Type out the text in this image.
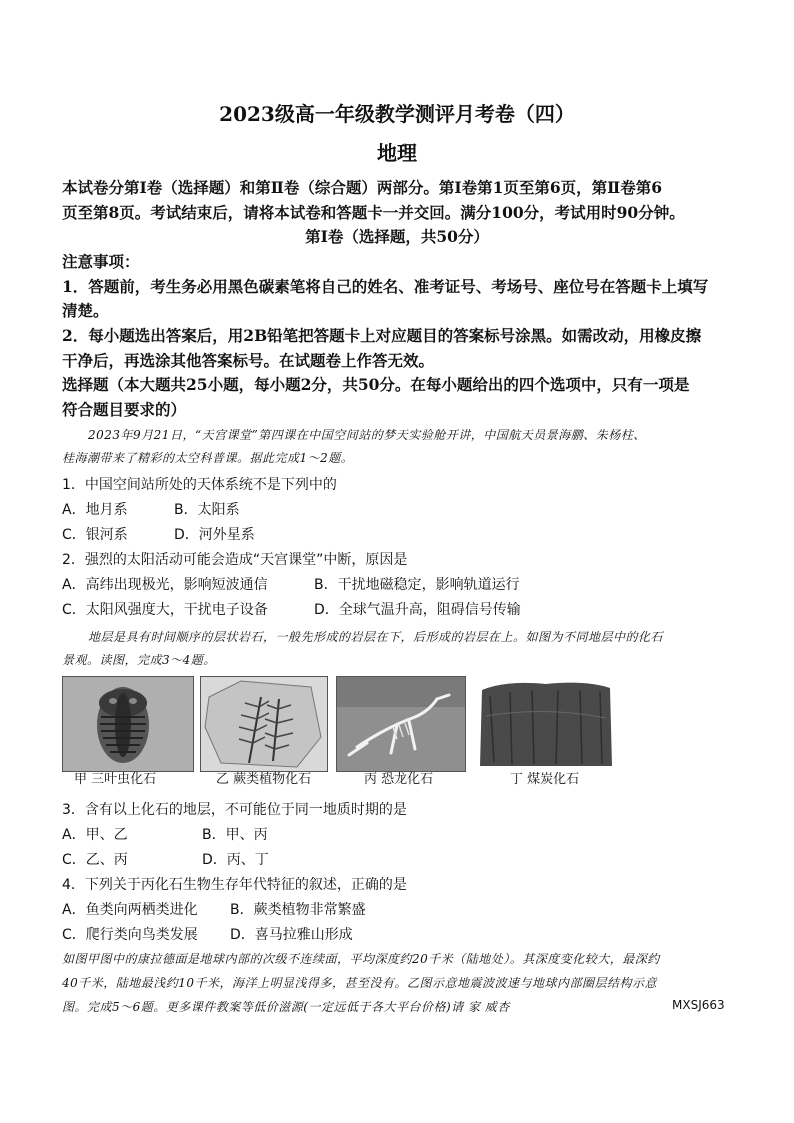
2023级高一年级教学测评月考卷（四）
地理
本试卷分第Ⅰ卷（选择题）和第Ⅱ卷（综合题）两部分。第Ⅰ卷第1页至第6页，第Ⅱ卷第6
页至第8页。考试结束后，请将本试卷和答题卡一并交回。满分100分，考试用时90分钟。
第Ⅰ卷（选择题，共50分）
注意事项：
1．答题前，考生务必用黑色碳素笔将自己的姓名、准考证号、考场号、座位号在答题卡上填写
清楚。
2．每小题选出答案后，用2B铅笔把答题卡上对应题目的答案标号涂黑。如需改动，用橡皮擦
干净后，再选涂其他答案标号。在试题卷上作答无效。
选择题（本大题共25小题，每小题2分，共50分。在每小题给出的四个选项中，只有一项是
符合题目要求的）
2023年9月21日，“天宫课堂”第四课在中国空间站的梦天实验舱开讲，中国航天员景海鹏、朱杨柱、
桂海潮带来了精彩的太空科普课。据此完成1～2题。
1．中国空间站所处的天体系统不是下列中的
A．地月系	B．太阳系
C．银河系	D．河外星系
2．强烈的太阳活动可能会造成“天宫课堂”中断，原因是
A．高纬出现极光，影响短波通信	B．干扰地磁稳定，影响轨道运行
C．太阳风强度大，干扰电子设备	D．全球气温升高，阻碍信号传输
地层是具有时间顺序的层状岩石，一般先形成的岩层在下，后形成的岩层在上。如图为不同地层中的化石
景观。读图，完成3～4题。
甲 三叶虫化石	乙 蕨类植物化石	丙 恐龙化石	丁 煤炭化石
3．含有以上化石的地层，不可能位于同一地质时期的是
A．甲、乙	B．甲、丙
C．乙、丙	D．丙、丁
4．下列关于丙化石生物生存年代特征的叙述，正确的是
A．鱼类向两栖类进化 B．蕨类植物非常繁盛
C．爬行类向鸟类发展 D．喜马拉雅山形成
如图甲图中的康拉德面是地球内部的次级不连续面，平均深度约20千米（陆地处）。其深度变化较大，最深约
40千米，陆地最浅约10千米，海洋上明显浅得多，甚至没有。乙图示意地震波波速与地球内部圈层结构示意
图。完成5～6题。更多课件教案等低价滋源(一定远低于各大平台价格)请 家 威杏	MXSJ663
